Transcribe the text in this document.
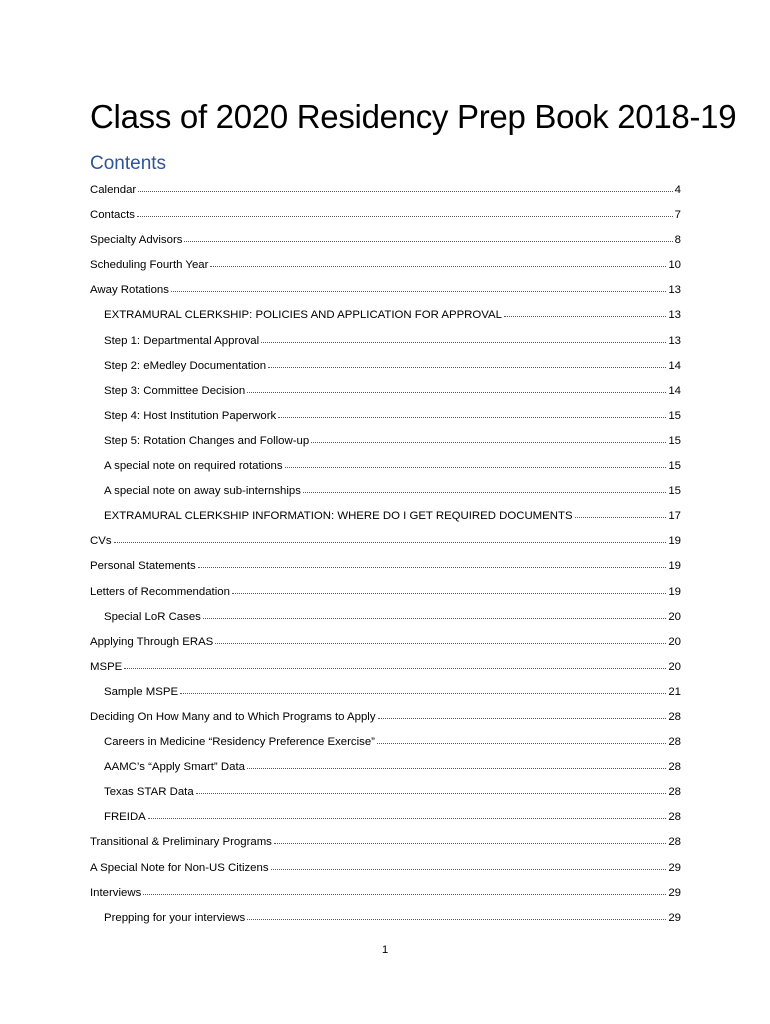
Class of 2020 Residency Prep Book 2018-19
Contents
Calendar	4
Contacts	7
Specialty Advisors	8
Scheduling Fourth Year	10
Away Rotations	13
EXTRAMURAL CLERKSHIP: POLICIES AND APPLICATION FOR APPROVAL	13
Step 1: Departmental Approval	13
Step 2: eMedley Documentation	14
Step 3: Committee Decision	14
Step 4: Host Institution Paperwork	15
Step 5: Rotation Changes and Follow-up	15
A special note on required rotations	15
A special note on away sub-internships	15
EXTRAMURAL CLERKSHIP INFORMATION: WHERE DO I GET REQUIRED DOCUMENTS	17
CVs	19
Personal Statements	19
Letters of Recommendation	19
Special LoR Cases	20
Applying Through ERAS	20
MSPE	20
Sample MSPE	21
Deciding On How Many and to Which Programs to Apply	28
Careers in Medicine “Residency Preference Exercise”	28
AAMC’s “Apply Smart” Data	28
Texas STAR Data	28
FREIDA	28
Transitional & Preliminary Programs	28
A Special Note for Non-US Citizens	29
Interviews	29
Prepping for your interviews	29
1
